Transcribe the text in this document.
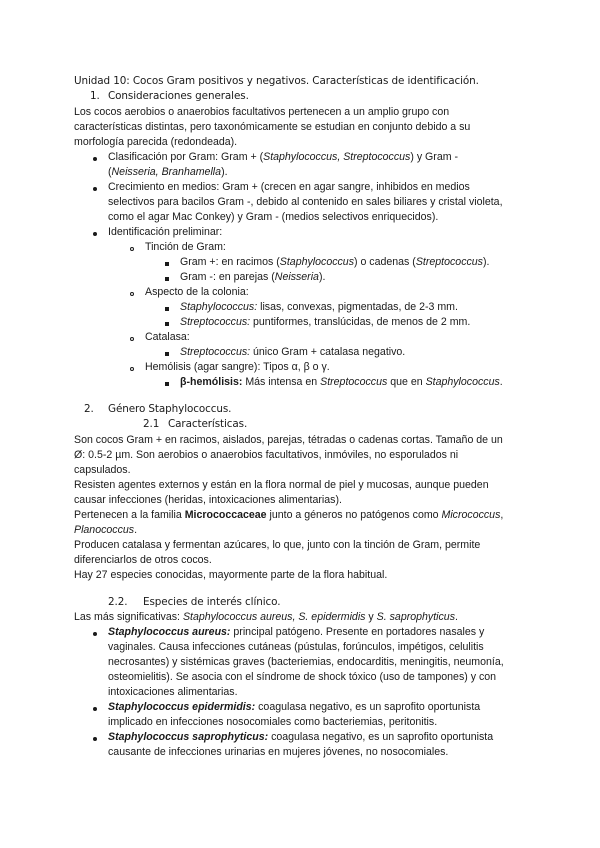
Unidad 10: Cocos Gram positivos y negativos. Características de identificación.
1. Consideraciones generales.
Los cocos aerobios o anaerobios facultativos pertenecen a un amplio grupo con
características distintas, pero taxonómicamente se estudian en conjunto debido a su
morfología parecida (redondeada).
Clasificación por Gram: Gram + (Staphylococcus, Streptococcus) y Gram -
(Neisseria, Branhamella).
Crecimiento en medios: Gram + (crecen en agar sangre, inhibidos en medios
selectivos para bacilos Gram -, debido al contenido en sales biliares y cristal violeta,
como el agar Mac Conkey) y Gram - (medios selectivos enriquecidos).
Identificación preliminar:
Tinción de Gram:
Gram +: en racimos (Staphylococcus) o cadenas (Streptococcus).
Gram -: en parejas (Neisseria).
Aspecto de la colonia:
Staphylococcus: lisas, convexas, pigmentadas, de 2-3 mm.
Streptococcus: puntiformes, translúcidas, de menos de 2 mm.
Catalasa:
Streptococcus: único Gram + catalasa negativo.
Hemólisis (agar sangre): Tipos α, β o γ.
β-hemólisis: Más intensa en Streptococcus que en Staphylococcus.
2. Género Staphylococcus.
2.1 Características.
Son cocos Gram + en racimos, aislados, parejas, tétradas o cadenas cortas. Tamaño de un
Ø: 0.5-2 µm. Son aerobios o anaerobios facultativos, inmóviles, no esporulados ni
capsulados.
Resisten agentes externos y están en la flora normal de piel y mucosas, aunque pueden
causar infecciones (heridas, intoxicaciones alimentarias).
Pertenecen a la familia Micrococcaceae junto a géneros no patógenos como Micrococcus,
Planococcus.
Producen catalasa y fermentan azúcares, lo que, junto con la tinción de Gram, permite
diferenciarlos de otros cocos.
Hay 27 especies conocidas, mayormente parte de la flora habitual.
2.2. Especies de interés clínico.
Las más significativas: Staphylococcus aureus, S. epidermidis y S. saprophyticus.
Staphylococcus aureus: principal patógeno. Presente en portadores nasales y
vaginales. Causa infecciones cutáneas (pústulas, forúnculos, impétigos, celulitis
necrosantes) y sistémicas graves (bacteriemias, endocarditis, meningitis, neumonía,
osteomielitis). Se asocia con el síndrome de shock tóxico (uso de tampones) y con
intoxicaciones alimentarias.
Staphylococcus epidermidis: coagulasa negativo, es un saprofito oportunista
implicado en infecciones nosocomiales como bacteriemias, peritonitis.
Staphylococcus saprophyticus: coagulasa negativo, es un saprofito oportunista
causante de infecciones urinarias en mujeres jóvenes, no nosocomiales.
